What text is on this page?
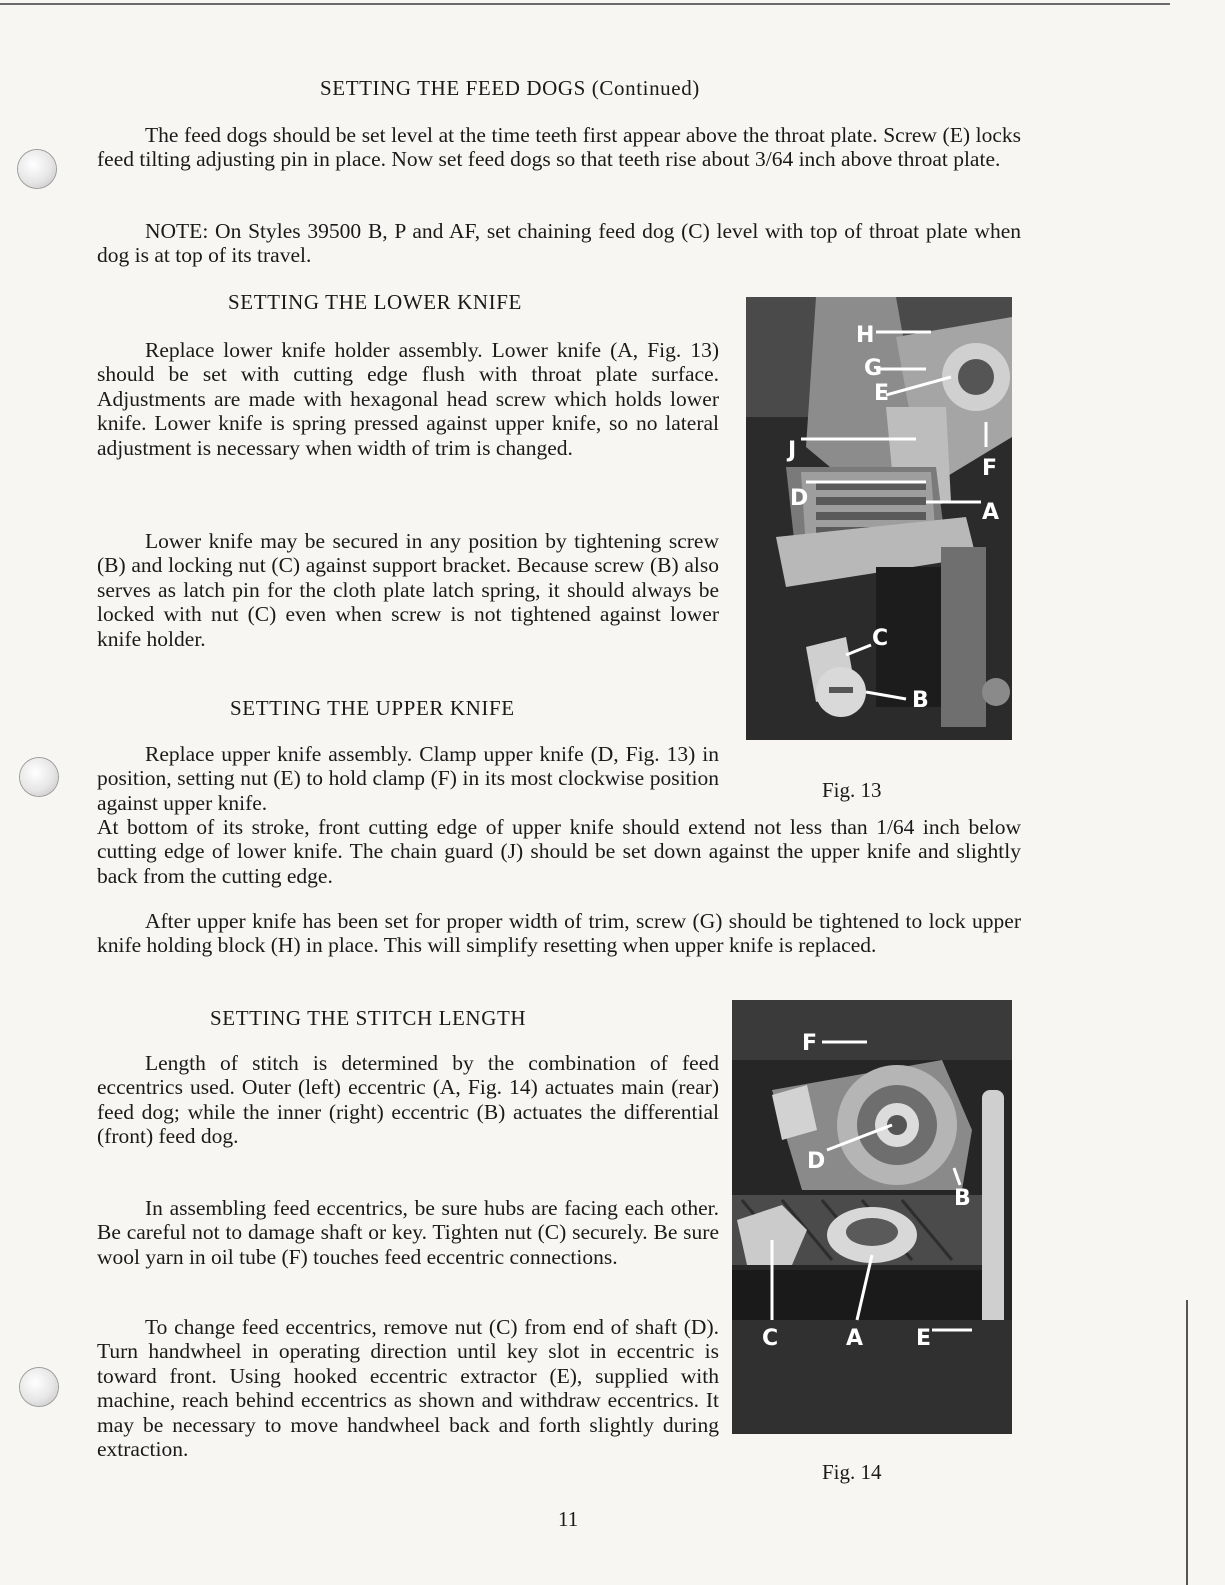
SETTING THE FEED DOGS (Continued)

The feed dogs should be set level at the time teeth first appear above the throat plate. Screw (E) locks feed tilting adjusting pin in place. Now set feed dogs so that teeth rise about 3/64 inch above throat plate.

NOTE: On Styles 39500 B, P and AF, set chaining feed dog (C) level with top of throat plate when dog is at top of its travel.

SETTING THE LOWER KNIFE

Replace lower knife holder assembly. Lower knife (A, Fig. 13) should be set with cutting edge flush with throat plate surface. Adjustments are made with hexagonal head screw which holds lower knife. Lower knife is spring pressed against upper knife, so no lateral adjustment is necessary when width of trim is changed.

Lower knife may be secured in any position by tightening screw (B) and locking nut (C) against support bracket. Because screw (B) also serves as latch pin for the cloth plate latch spring, it should always be locked with nut (C) even when screw is not tightened against lower knife holder.

SETTING THE UPPER KNIFE

Replace upper knife assembly. Clamp upper knife (D, Fig. 13) in position, setting nut (E) to hold clamp (F) in its most clockwise position against upper knife.

At bottom of its stroke, front cutting edge of upper knife should extend not less than 1/64 inch below cutting edge of lower knife. The chain guard (J) should be set down against the upper knife and slightly back from the cutting edge.

After upper knife has been set for proper width of trim, screw (G) should be tightened to lock upper knife holding block (H) in place. This will simplify resetting when upper knife is replaced.

SETTING THE STITCH LENGTH

Length of stitch is determined by the combination of feed eccentrics used. Outer (left) eccentric (A, Fig. 14) actuates main (rear) feed dog; while the inner (right) eccentric (B) actuates the differential (front) feed dog.

In assembling feed eccentrics, be sure hubs are facing each other. Be careful not to damage shaft or key. Tighten nut (C) securely. Be sure wool yarn in oil tube (F) touches feed eccentric connections.

To change feed eccentrics, remove nut (C) from end of shaft (D). Turn handwheel in operating direction until key slot in eccentric is toward front. Using hooked eccentric extractor (E), supplied with machine, reach behind eccentrics as shown and withdraw eccentrics. It may be necessary to move handwheel back and forth slightly during extraction.

H
G
E
J
F
D
A
C
B
Fig. 13
F
D
B
C	A E
Fig. 14
11
